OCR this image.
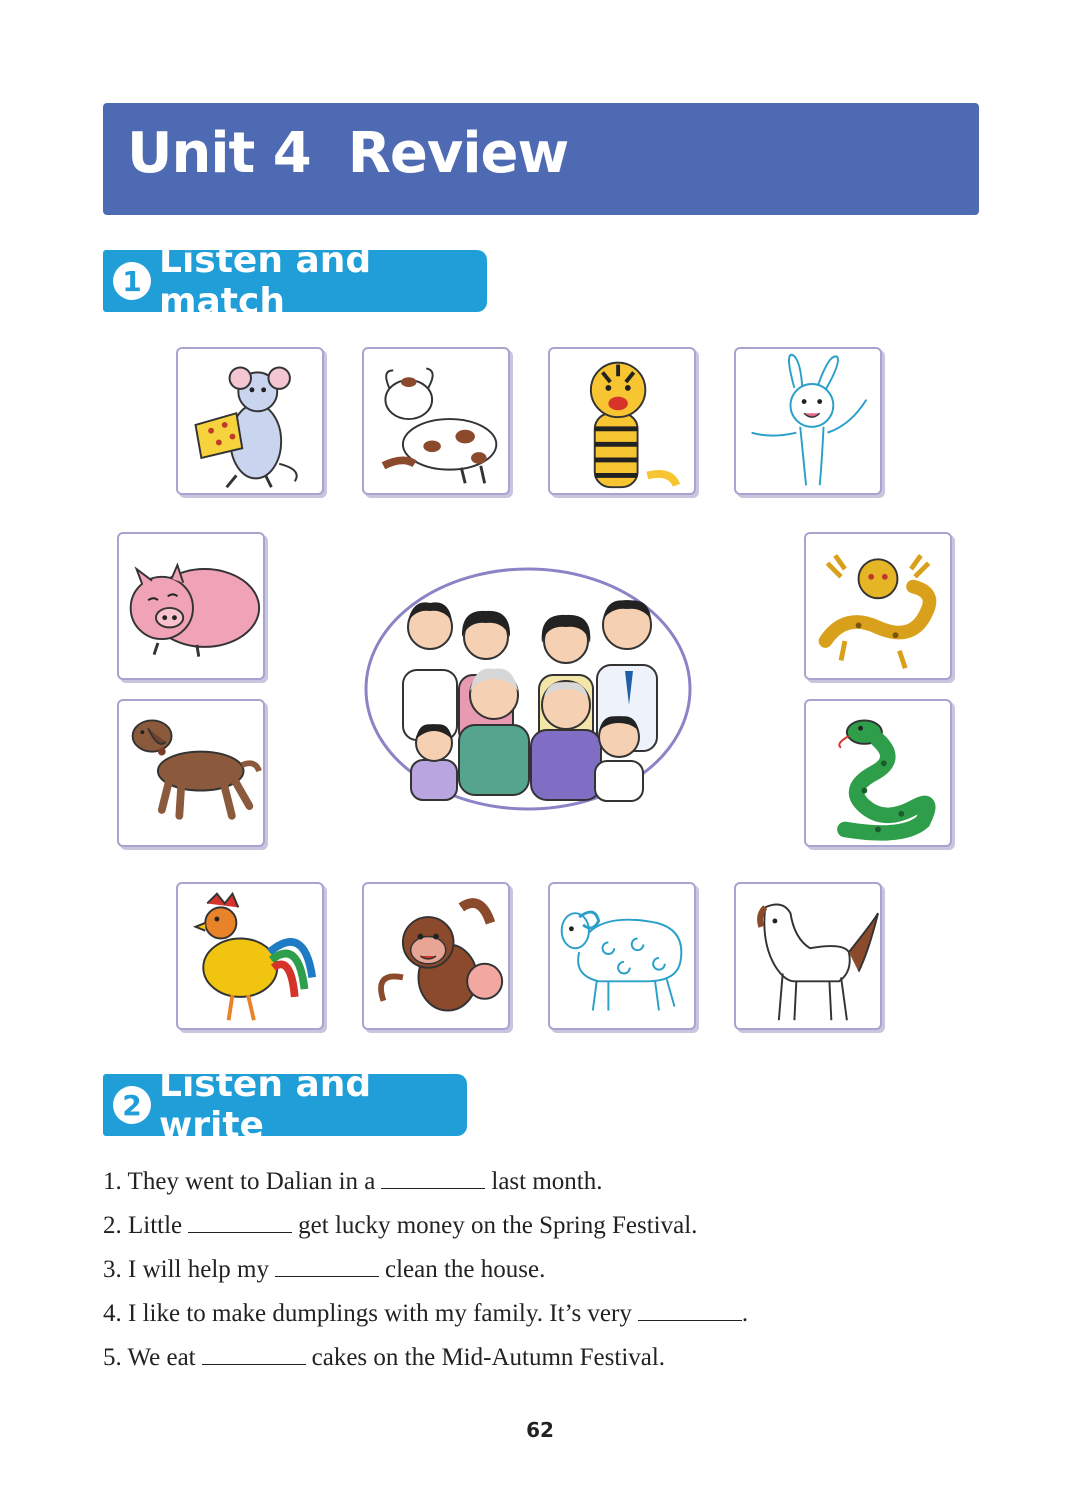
Unit 4  Review
1 Listen and match
2 Listen and write
1. They went to Dalian in a	last month.
2. Little	get lucky money on the Spring Festival.
3. I will help my	clean the house.
4. I like to make dumplings with my family. It’s very	.
5. We eat	cakes on the Mid-Autumn Festival.
62
